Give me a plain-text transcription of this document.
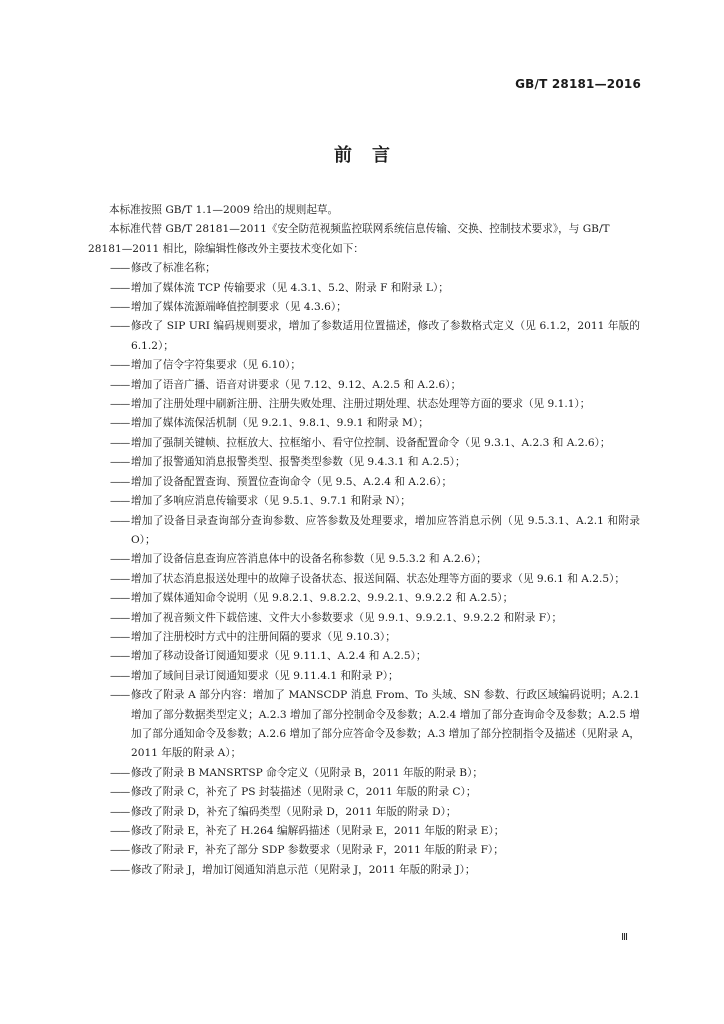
GB/T 28181—2016
前言

本标准按照 GB/T 1.1—2009 给出的规则起草。

本标准代替 GB/T 28181—2011《安全防范视频监控联网系统信息传输、交换、控制技术要求》，与 GB/T 28181—2011 相比，除编辑性修改外主要技术变化如下：

—— 修改了标准名称；
—— 增加了媒体流 TCP 传输要求（见 4.3.1、5.2、附录 F 和附录 L）；
—— 增加了媒体流源端峰值控制要求（见 4.3.6）；
—— 修改了 SIP URI 编码规则要求，增加了参数适用位置描述，修改了参数格式定义（见 6.1.2，2011 年版的 6.1.2）；
—— 增加了信令字符集要求（见 6.10）；
—— 增加了语音广播、语音对讲要求（见 7.12、9.12、A.2.5 和 A.2.6）；
—— 增加了注册处理中刷新注册、注册失败处理、注册过期处理、状态处理等方面的要求（见 9.1.1）；
—— 增加了媒体流保活机制（见 9.2.1、9.8.1、9.9.1 和附录 M）；
—— 增加了强制关键帧、拉框放大、拉框缩小、看守位控制、设备配置命令（见 9.3.1、A.2.3 和 A.2.6）；
—— 增加了报警通知消息报警类型、报警类型参数（见 9.4.3.1 和 A.2.5）；
—— 增加了设备配置查询、预置位查询命令（见 9.5、A.2.4 和 A.2.6）；
—— 增加了多响应消息传输要求（见 9.5.1、9.7.1 和附录 N）；
—— 增加了设备目录查询部分查询参数、应答参数及处理要求，增加应答消息示例（见 9.5.3.1、A.2.1 和附录 O）；
—— 增加了设备信息查询应答消息体中的设备名称参数（见 9.5.3.2 和 A.2.6）；
—— 增加了状态消息报送处理中的故障子设备状态、报送间隔、状态处理等方面的要求（见 9.6.1 和 A.2.5）；
—— 增加了媒体通知命令说明（见 9.8.2.1、9.8.2.2、9.9.2.1、9.9.2.2 和 A.2.5）；
—— 增加了视音频文件下载倍速、文件大小参数要求（见 9.9.1、9.9.2.1、9.9.2.2 和附录 F）；
—— 增加了注册校时方式中的注册间隔的要求（见 9.10.3）；
—— 增加了移动设备订阅通知要求（见 9.11.1、A.2.4 和 A.2.5）；
—— 增加了域间目录订阅通知要求（见 9.11.4.1 和附录 P）；
—— 修改了附录 A 部分内容：增加了 MANSCDP 消息 From、To 头域、SN 参数、行政区域编码说明；A.2.1 增加了部分数据类型定义；A.2.3 增加了部分控制命令及参数；A.2.4 增加了部分查询命令及参数；A.2.5 增加了部分通知命令及参数；A.2.6 增加了部分应答命令及参数；A.3 增加了部分控制指令及描述（见附录 A，2011 年版的附录 A）；
—— 修改了附录 B MANSRTSP 命令定义（见附录 B，2011 年版的附录 B）；
—— 修改了附录 C，补充了 PS 封装描述（见附录 C，2011 年版的附录 C）；
—— 修改了附录 D，补充了编码类型（见附录 D，2011 年版的附录 D）；
—— 修改了附录 E，补充了 H.264 编解码描述（见附录 E，2011 年版的附录 E）；
—— 修改了附录 F，补充了部分 SDP 参数要求（见附录 F，2011 年版的附录 F）；
—— 修改了附录 J，增加订阅通知消息示范（见附录 J，2011 年版的附录 J）；
Ⅲ
